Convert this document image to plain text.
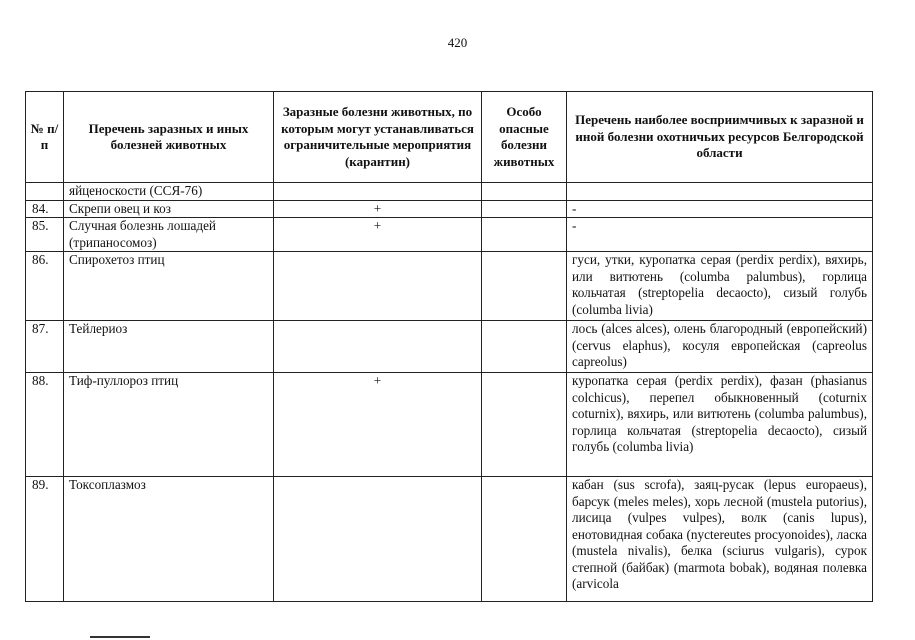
420
№ п/п	Перечень заразных и иных болезней животных	Заразные болезни животных, по которым могут устанавливаться ограничительные мероприятия (карантин)	Особо опасные болезни животных	Перечень наиболее восприимчивых к заразной и иной болезни охотничьих ресурсов Белгородской области
	яйценоскости (ССЯ-76)			
84.	Скрепи овец и коз	+		-
85.	Случная болезнь лошадей (трипаносомоз)	+		-
86.	Спирохетоз птиц			гуси, утки, куропатка серая (perdix perdix), вяхирь, или витютень (columba palumbus), горлица кольчатая (streptopelia decaocto), сизый голубь (columba livia)
87.	Тейлериоз			лось (alces alces), олень благородный (европейский) (cervus elaphus), косуля европейская (capreolus capreolus)
88.	Тиф-пуллороз птиц	+		куропатка серая (perdix perdix), фазан (phasianus colchicus), перепел обыкновенный (coturnix coturnix), вяхирь, или витютень (columba palumbus), горлица кольчатая (streptopelia decaocto), сизый голубь (columba livia)
89.	Токсоплазмоз			кабан (sus scrofa), заяц-русак (lepus europaeus), барсук (meles meles), хорь лесной (mustela putorius), лисица (vulpes vulpes), волк (canis lupus), енотовидная собака (nyctereutes procyonoides), ласка (mustela nivalis), белка (sciurus vulgaris), сурок степной (байбак) (marmota bobak), водяная полевка (arvicola
